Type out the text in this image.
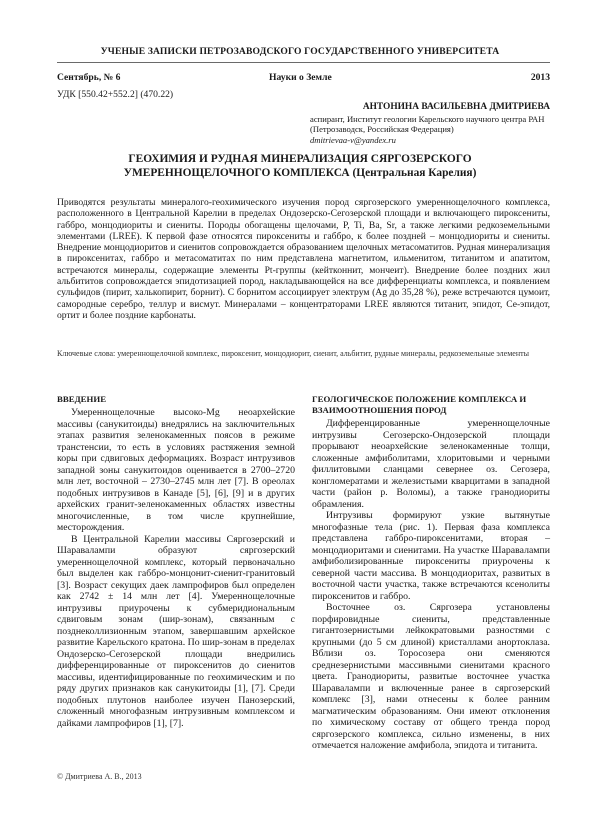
УЧЕНЫЕ ЗАПИСКИ ПЕТРОЗАВОДСКОГО ГОСУДАРСТВЕННОГО УНИВЕРСИТЕТА
Сентябрь, № 6	Науки о Земле	2013
УДК [550.42+552.2] (470.22)
АНТОНИНА ВАСИЛЬЕВНА ДМИТРИЕВА
аспирант, Институт геологии Карельского научного центра РАН (Петрозаводск, Российская Федерация)
dmitrievaa-v@yandex.ru
ГЕОХИМИЯ И РУДНАЯ МИНЕРАЛИЗАЦИЯ СЯРГОЗЕРСКОГО
УМЕРЕННОЩЕЛОЧНОГО КОМПЛЕКСА (Центральная Карелия)

Приводятся результаты минералого-геохимического изучения пород сяргозерского умереннощелочного комплекса, расположенного в Центральной Карелии в пределах Ондозерско-Сегозерской площади и включающего пироксениты, габбро, монцодиориты и сиениты. Породы обогащены щелочами, P, Ti, Ba, Sr, а также легкими редкоземельными элементами (LREE). К первой фазе относятся пироксениты и габбро, к более поздней – монцодиориты и сиениты. Внедрение монцодиоритов и сиенитов сопровождается образованием щелочных метасоматитов. Рудная минерализация в пироксенитах, габбро и метасоматитах по ним представлена магнетитом, ильменитом, титанитом и апатитом, встречаются минералы, содержащие элементы Pt-группы (кейтконнит, мончеит). Внедрение более поздних жил альбититов сопровождается эпидотизацией пород, накладывающейся на все дифференциаты комплекса, и появлением сульфидов (пирит, халькопирит, борнит). С борнитом ассоциирует электрум (Ag до 35,28 %), реже встречаются цумоит, самородные серебро, теллур и висмут. Минералами – концентраторами LREE являются титанит, эпидот, Се-эпидот, ортит и более поздние карбонаты.

Ключевые слова: умереннощелочной комплекс, пироксенит, монцодиорит, сиенит, альбитит, рудные минералы, редкоземельные элементы

ВВЕДЕНИЕ

Умереннощелочные высоко-Mg неоархейские массивы (санукитоиды) внедрялись на заключительных этапах развития зеленокаменных поясов в режиме транстенсии, то есть в условиях растяжения земной коры при сдвиговых деформациях. Возраст интрузивов западной зоны санукитоидов оценивается в 2700–2720 млн лет, восточной – 2730–2745 млн лет [7]. В ореолах подобных интрузивов в Канаде [5], [6], [9] и в других архейских гранит-зеленокаменных областях известны многочисленные, в том числе крупнейшие, месторождения.

В Центральной Карелии массивы Сяргозерский и Шаравалампи образуют сяргозерский умереннощелочной комплекс, который первоначально был выделен как габбро-монцонит-сиенит-гранитовый [3]. Возраст секущих даек лампрофиров был определен как 2742 ± 14 млн лет [4]. Умереннощелочные интрузивы приурочены к субмеридиональным сдвиговым зонам (шир-зонам), связанным с позднеколлизионным этапом, завершавшим архейское развитие Карельского кратона. По шир-зонам в пределах Ондозерско-Сегозерской площади внедрились дифференцированные от пироксенитов до сиенитов массивы, идентифицированные по геохимическим и по ряду других признаков как санукитоиды [1], [7]. Среди подобных плутонов наиболее изучен Панозерский, сложенный многофазным интрузивным комплексом и дайками лампрофиров [1], [7].

ГЕОЛОГИЧЕСКОЕ ПОЛОЖЕНИЕ КОМПЛЕКСА И ВЗАИМООТНОШЕНИЯ ПОРОД

Дифференцированные умереннощелочные интрузивы Сегозерско-Ондозерской площади прорывают неоархейские зеленокаменные толщи, сложенные амфиболитами, хлоритовыми и черными филлитовыми сланцами севернее оз. Сегозера, конгломератами и железистыми кварцитами в западной части (район р. Воломы), а также гранодиориты обрамления.

Интрузивы формируют узкие вытянутые многофазные тела (рис. 1). Первая фаза комплекса представлена габбро-пироксенитами, вторая – монцодиоритами и сиенитами. На участке Шаравалампи амфиболизированные пироксениты приурочены к северной части массива. В монцодиоритах, развитых в восточной части участка, также встречаются ксенолиты пироксенитов и габбро.

Восточнее оз. Сяргозера установлены порфировидные сиениты, представленные гигантозернистыми лейкократовыми разностями с крупными (до 5 см длиной) кристаллами анортоклаза. Вблизи оз. Торосозера они сменяются среднезернистыми массивными сиенитами красного цвета. Гранодиориты, развитые восточнее участка Шаравалампи и включенные ранее в сяргозерский комплекс [3], нами отнесены к более ранним магматическим образованиям. Они имеют отклонения по химическому составу от общего тренда пород сяргозерского комплекса, сильно изменены, в них отмечается наложение амфибола, эпидота и титанита.

© Дмитриева А. В., 2013
